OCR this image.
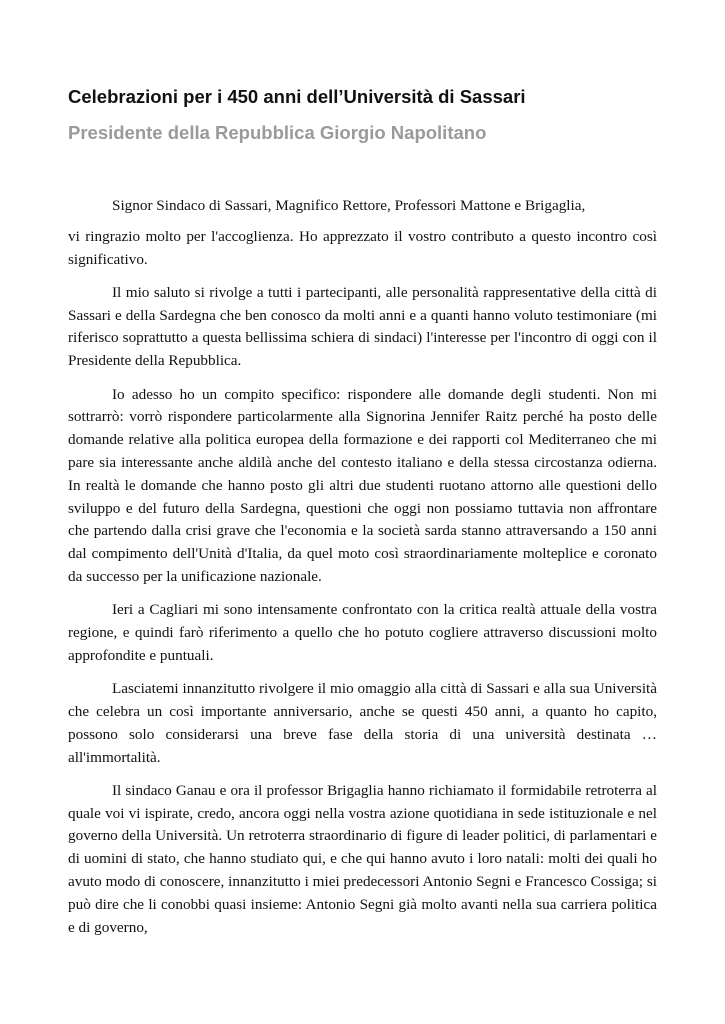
Celebrazioni per i 450 anni dell’Università di Sassari
Presidente della Repubblica Giorgio Napolitano

Signor Sindaco di Sassari, Magnifico Rettore, Professori Mattone e Brigaglia,

vi ringrazio molto per l'accoglienza. Ho apprezzato il vostro contributo a questo incontro così significativo.

Il mio saluto si rivolge a tutti i partecipanti, alle personalità rappresentative della città di Sassari e della Sardegna che ben conosco da molti anni e a quanti hanno voluto testimoniare (mi riferisco soprattutto a questa bellissima schiera di sindaci) l'interesse per l'incontro di oggi con il Presidente della Repubblica.

Io adesso ho un compito specifico: rispondere alle domande degli studenti. Non mi sottrarrò: vorrò rispondere particolarmente alla Signorina Jennifer Raitz perché ha posto delle domande relative alla politica europea della formazione e dei rapporti col Mediterraneo che mi pare sia interessante anche aldilà anche del contesto italiano e della stessa circostanza odierna. In realtà le domande che hanno posto gli altri due studenti ruotano attorno alle questioni dello sviluppo e del futuro della Sardegna, questioni che oggi non possiamo tuttavia non affrontare che partendo dalla crisi grave che l'economia e la società sarda stanno attraversando a 150 anni dal compimento dell'Unità d'Italia, da quel moto così straordinariamente molteplice e coronato da successo per la unificazione nazionale.

Ieri a Cagliari mi sono intensamente confrontato con la critica realtà attuale della vostra regione, e quindi farò riferimento a quello che ho potuto cogliere attraverso discussioni molto approfondite e puntuali.

Lasciatemi innanzitutto rivolgere il mio omaggio alla città di Sassari e alla sua Università che celebra un così importante anniversario, anche se questi 450 anni, a quanto ho capito, possono solo considerarsi una breve fase della storia di una università destinata … all'immortalità.

Il sindaco Ganau e ora il professor Brigaglia hanno richiamato il formidabile retroterra al quale voi vi ispirate, credo, ancora oggi nella vostra azione quotidiana in sede istituzionale e nel governo della Università. Un retroterra straordinario di figure di leader politici, di parlamentari e di uomini di stato, che hanno studiato qui, e che qui hanno avuto i loro natali: molti dei quali ho avuto modo di conoscere, innanzitutto i miei predecessori Antonio Segni e Francesco Cossiga; si può dire che li conobbi quasi insieme: Antonio Segni già molto avanti nella sua carriera politica e di governo,
